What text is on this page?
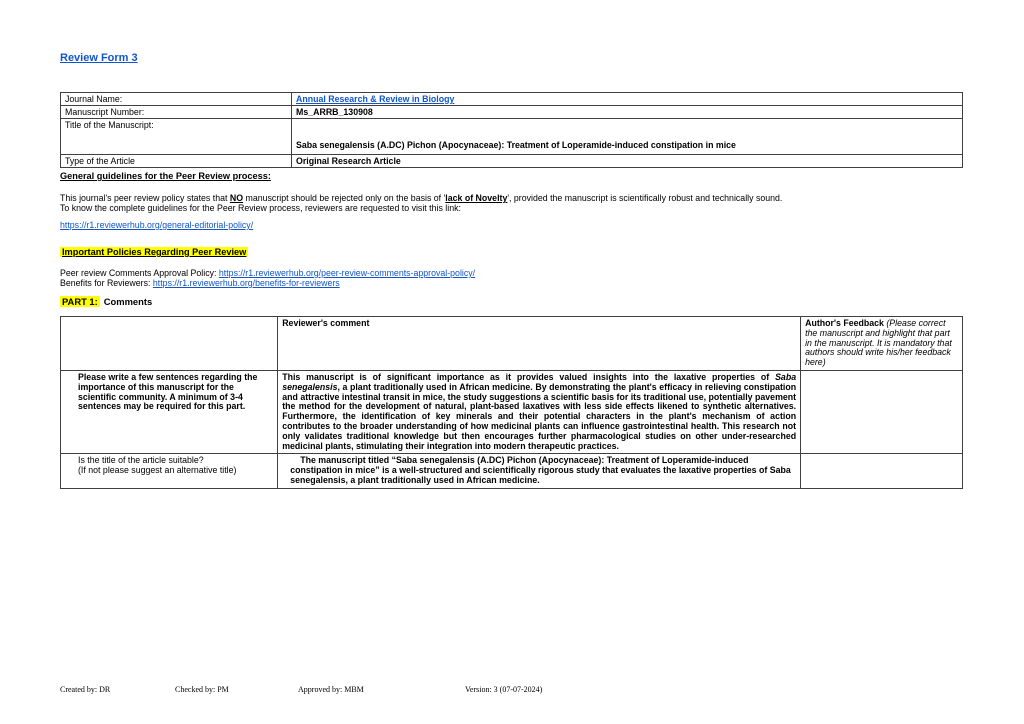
Review Form 3
Journal Name:	Annual Research & Review in Biology
Manuscript Number:	Ms_ARRB_130908
Title of the Manuscript:	Saba senegalensis (A.DC) Pichon (Apocynaceae): Treatment of Loperamide-induced constipation in mice
Type of the Article	Original Research Article
General guidelines for the Peer Review process:
This journal's peer review policy states that NO manuscript should be rejected only on the basis of 'lack of Novelty', provided the manuscript is scientifically robust and technically sound.
To know the complete guidelines for the Peer Review process, reviewers are requested to visit this link:
https://r1.reviewerhub.org/general-editorial-policy/
Important Policies Regarding Peer Review
Peer review Comments Approval Policy: https://r1.reviewerhub.org/peer-review-comments-approval-policy/
Benefits for Reviewers: https://r1.reviewerhub.org/benefits-for-reviewers
PART 1: Comments
	Reviewer's comment	Author's Feedback (Please correct the manuscript and highlight that part in the manuscript. It is mandatory that authors should write his/her feedback here)
Please write a few sentences regarding the importance of this manuscript for the scientific community. A minimum of 3-4 sentences may be required for this part.	This manuscript is of significant importance as it provides valued insights into the laxative properties of Saba senegalensis, a plant traditionally used in African medicine. By demonstrating the plant's efficacy in relieving constipation and attractive intestinal transit in mice, the study suggestions a scientific basis for its traditional use, potentially pavement the method for the development of natural, plant-based laxatives with less side effects likened to synthetic alternatives. Furthermore, the identification of key minerals and their potential characters in the plant's mechanism of action contributes to the broader understanding of how medicinal plants can influence gastrointestinal health. This research not only validates traditional knowledge but then encourages further pharmacological studies on other under-researched medicinal plants, stimulating their integration into modern therapeutic practices.	

Is the title of the article suitable?
(If not please suggest an alternative title)	The manuscript titled “Saba senegalensis (A.DC) Pichon (Apocynaceae): Treatment of Loperamide-induced constipation in mice” is a well-structured and scientifically rigorous study that evaluates the laxative properties of Saba senegalensis, a plant traditionally used in African medicine.	
Created by: DR	Checked by: PM	Approved by: MBM	Version: 3 (07-07-2024)
